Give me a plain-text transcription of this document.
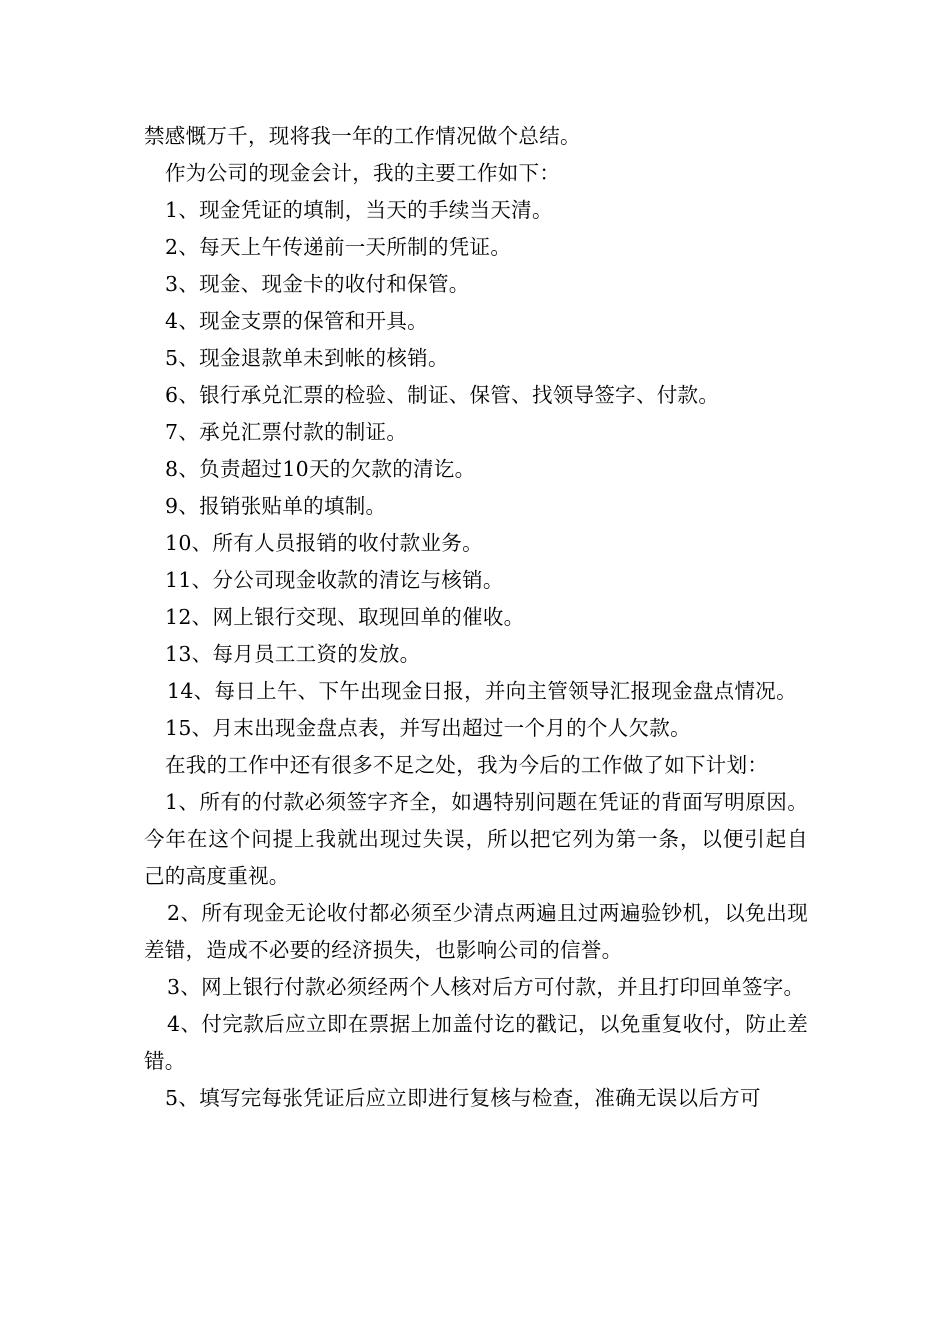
禁感慨万千，现将我一年的工作情况做个总结。

作为公司的现金会计，我的主要工作如下：

1、现金凭证的填制，当天的手续当天清。

2、每天上午传递前一天所制的凭证。

3、现金、现金卡的收付和保管。

4、现金支票的保管和开具。

5、现金退款单未到帐的核销。

6、银行承兑汇票的检验、制证、保管、找领导签字、付款。

7、承兑汇票付款的制证。

8、负责超过10天的欠款的清讫。

9、报销张贴单的填制。

10、所有人员报销的收付款业务。

11、分公司现金收款的清讫与核销。

12、网上银行交现、取现回单的催收。

13、每月员工工资的发放。

14、每日上午、下午出现金日报，并向主管领导汇报现金盘点情况。

15、月末出现金盘点表，并写出超过一个月的个人欠款。

在我的工作中还有很多不足之处，我为今后的工作做了如下计划：

1、所有的付款必须签字齐全，如遇特别问题在凭证的背面写明原因。今年在这个问提上我就出现过失误，所以把它列为第一条，以便引起自己的高度重视。

2、所有现金无论收付都必须至少清点两遍且过两遍验钞机，以免出现差错，造成不必要的经济损失，也影响公司的信誉。

3、网上银行付款必须经两个人核对后方可付款，并且打印回单签字。

4、付完款后应立即在票据上加盖付讫的戳记，以免重复收付，防止差错。

5、填写完每张凭证后应立即进行复核与检查，准确无误以后方可
